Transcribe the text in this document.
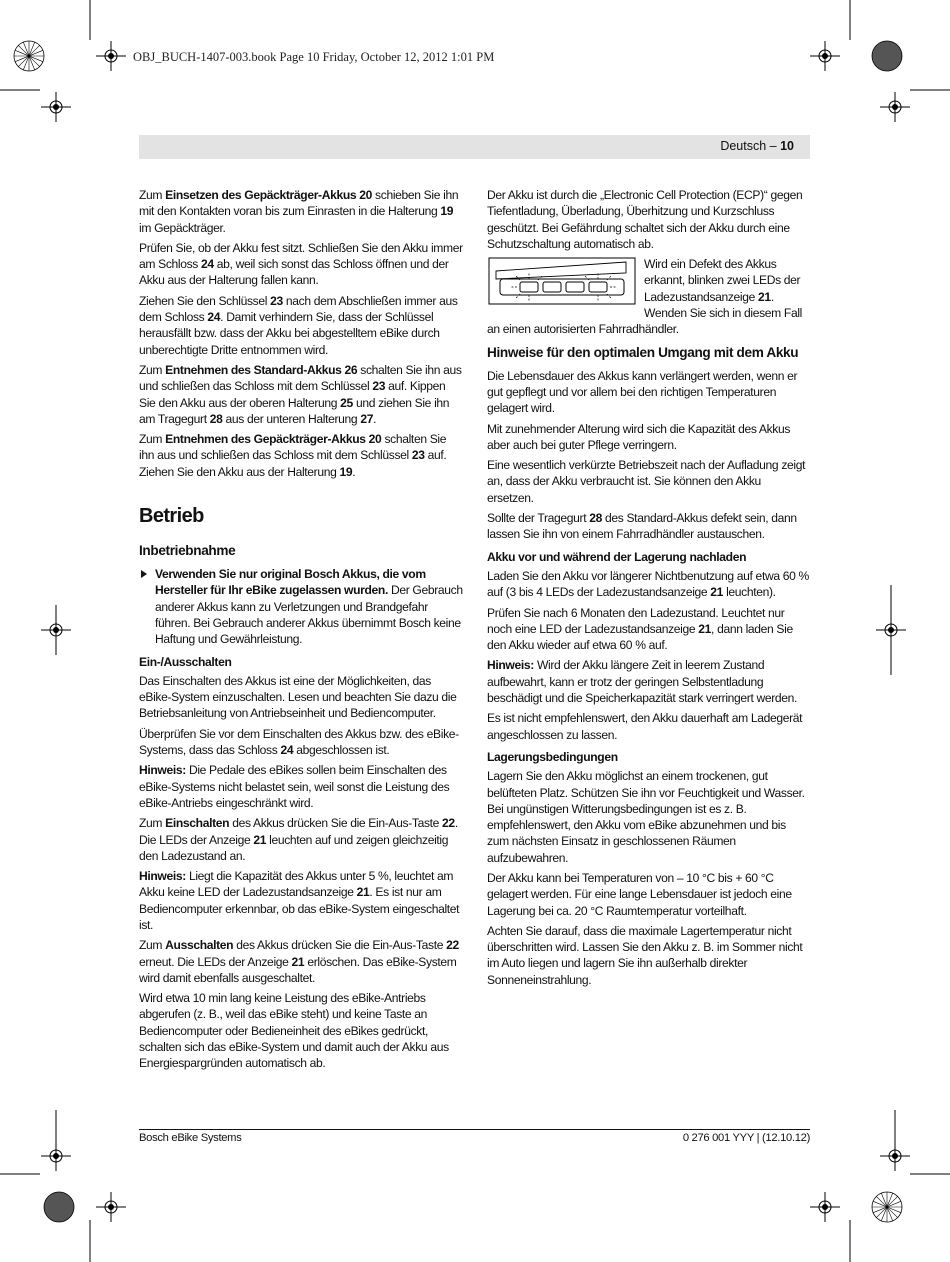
OBJ_BUCH-1407-003.book Page 10 Friday, October 12, 2012 1:01 PM
Deutsch – 10

Zum Einsetzen des Gepäckträger-Akkus 20 schieben Sie ihn mit den Kontakten voran bis zum Einrasten in die Halterung 19 im Gepäckträger.

Prüfen Sie, ob der Akku fest sitzt. Schließen Sie den Akku immer am Schloss 24 ab, weil sich sonst das Schloss öffnen und der Akku aus der Halterung fallen kann.

Ziehen Sie den Schlüssel 23 nach dem Abschließen immer aus dem Schloss 24. Damit verhindern Sie, dass der Schlüssel herausfällt bzw. dass der Akku bei abgestelltem eBike durch unberechtigte Dritte entnommen wird.

Zum Entnehmen des Standard-Akkus 26 schalten Sie ihn aus und schließen das Schloss mit dem Schlüssel 23 auf. Kippen Sie den Akku aus der oberen Halterung 25 und ziehen Sie ihn am Tragegurt 28 aus der unteren Halterung 27.

Zum Entnehmen des Gepäckträger-Akkus 20 schalten Sie ihn aus und schließen das Schloss mit dem Schlüssel 23 auf. Ziehen Sie den Akku aus der Halterung 19.

Betrieb
Inbetriebnahme

Verwenden Sie nur original Bosch Akkus, die vom Hersteller für Ihr eBike zugelassen wurden. Der Gebrauch anderer Akkus kann zu Verletzungen und Brandgefahr führen. Bei Gebrauch anderer Akkus übernimmt Bosch keine Haftung und Gewährleistung.

Ein-/Ausschalten

Das Einschalten des Akkus ist eine der Möglichkeiten, das eBike-System einzuschalten. Lesen und beachten Sie dazu die Betriebsanleitung von Antriebseinheit und Bediencomputer.

Überprüfen Sie vor dem Einschalten des Akkus bzw. des eBike-Systems, dass das Schloss 24 abgeschlossen ist.

Hinweis: Die Pedale des eBikes sollen beim Einschalten des eBike-Systems nicht belastet sein, weil sonst die Leistung des eBike-Antriebs eingeschränkt wird.

Zum Einschalten des Akkus drücken Sie die Ein-Aus-Taste 22. Die LEDs der Anzeige 21 leuchten auf und zeigen gleichzeitig den Ladezustand an.

Hinweis: Liegt die Kapazität des Akkus unter 5 %, leuchtet am Akku keine LED der Ladezustandsanzeige 21. Es ist nur am Bediencomputer erkennbar, ob das eBike-System eingeschaltet ist.

Zum Ausschalten des Akkus drücken Sie die Ein-Aus-Taste 22 erneut. Die LEDs der Anzeige 21 erlöschen. Das eBike-System wird damit ebenfalls ausgeschaltet.

Wird etwa 10 min lang keine Leistung des eBike-Antriebs abgerufen (z. B., weil das eBike steht) und keine Taste an Bediencomputer oder Bedieneinheit des eBikes gedrückt, schalten sich das eBike-System und damit auch der Akku aus Energiespargründen automatisch ab.

Der Akku ist durch die „Electronic Cell Protection (ECP)“ gegen Tiefentladung, Überladung, Überhitzung und Kurzschluss geschützt. Bei Gefährdung schaltet sich der Akku durch eine Schutzschaltung automatisch ab.

Wird ein Defekt des Akkus erkannt, blinken zwei LEDs der Ladezustandsanzeige 21. Wenden Sie sich in diesem Fall an einen autorisierten Fahrradhändler.

Hinweise für den optimalen Umgang mit dem Akku

Die Lebensdauer des Akkus kann verlängert werden, wenn er gut gepflegt und vor allem bei den richtigen Temperaturen gelagert wird.

Mit zunehmender Alterung wird sich die Kapazität des Akkus aber auch bei guter Pflege verringern.

Eine wesentlich verkürzte Betriebszeit nach der Aufladung zeigt an, dass der Akku verbraucht ist. Sie können den Akku ersetzen.

Sollte der Tragegurt 28 des Standard-Akkus defekt sein, dann lassen Sie ihn von einem Fahrradhändler austauschen.

Akku vor und während der Lagerung nachladen

Laden Sie den Akku vor längerer Nichtbenutzung auf etwa 60 % auf (3 bis 4 LEDs der Ladezustandsanzeige 21 leuchten).

Prüfen Sie nach 6 Monaten den Ladezustand. Leuchtet nur noch eine LED der Ladezustandsanzeige 21, dann laden Sie den Akku wieder auf etwa 60 % auf.

Hinweis: Wird der Akku längere Zeit in leerem Zustand aufbewahrt, kann er trotz der geringen Selbstentladung beschädigt und die Speicherkapazität stark verringert werden.

Es ist nicht empfehlenswert, den Akku dauerhaft am Ladegerät angeschlossen zu lassen.

Lagerungsbedingungen

Lagern Sie den Akku möglichst an einem trockenen, gut belüfteten Platz. Schützen Sie ihn vor Feuchtigkeit und Wasser. Bei ungünstigen Witterungsbedingungen ist es z. B. empfehlenswert, den Akku vom eBike abzunehmen und bis zum nächsten Einsatz in geschlossenen Räumen aufzubewahren.

Der Akku kann bei Temperaturen von – 10 °C bis + 60 °C gelagert werden. Für eine lange Lebensdauer ist jedoch eine Lagerung bei ca. 20 °C Raumtemperatur vorteilhaft.

Achten Sie darauf, dass die maximale Lagertemperatur nicht überschritten wird. Lassen Sie den Akku z. B. im Sommer nicht im Auto liegen und lagern Sie ihn außerhalb direkter Sonneneinstrahlung.

Bosch eBike Systems	0 276 001 YYY | (12.10.12)
